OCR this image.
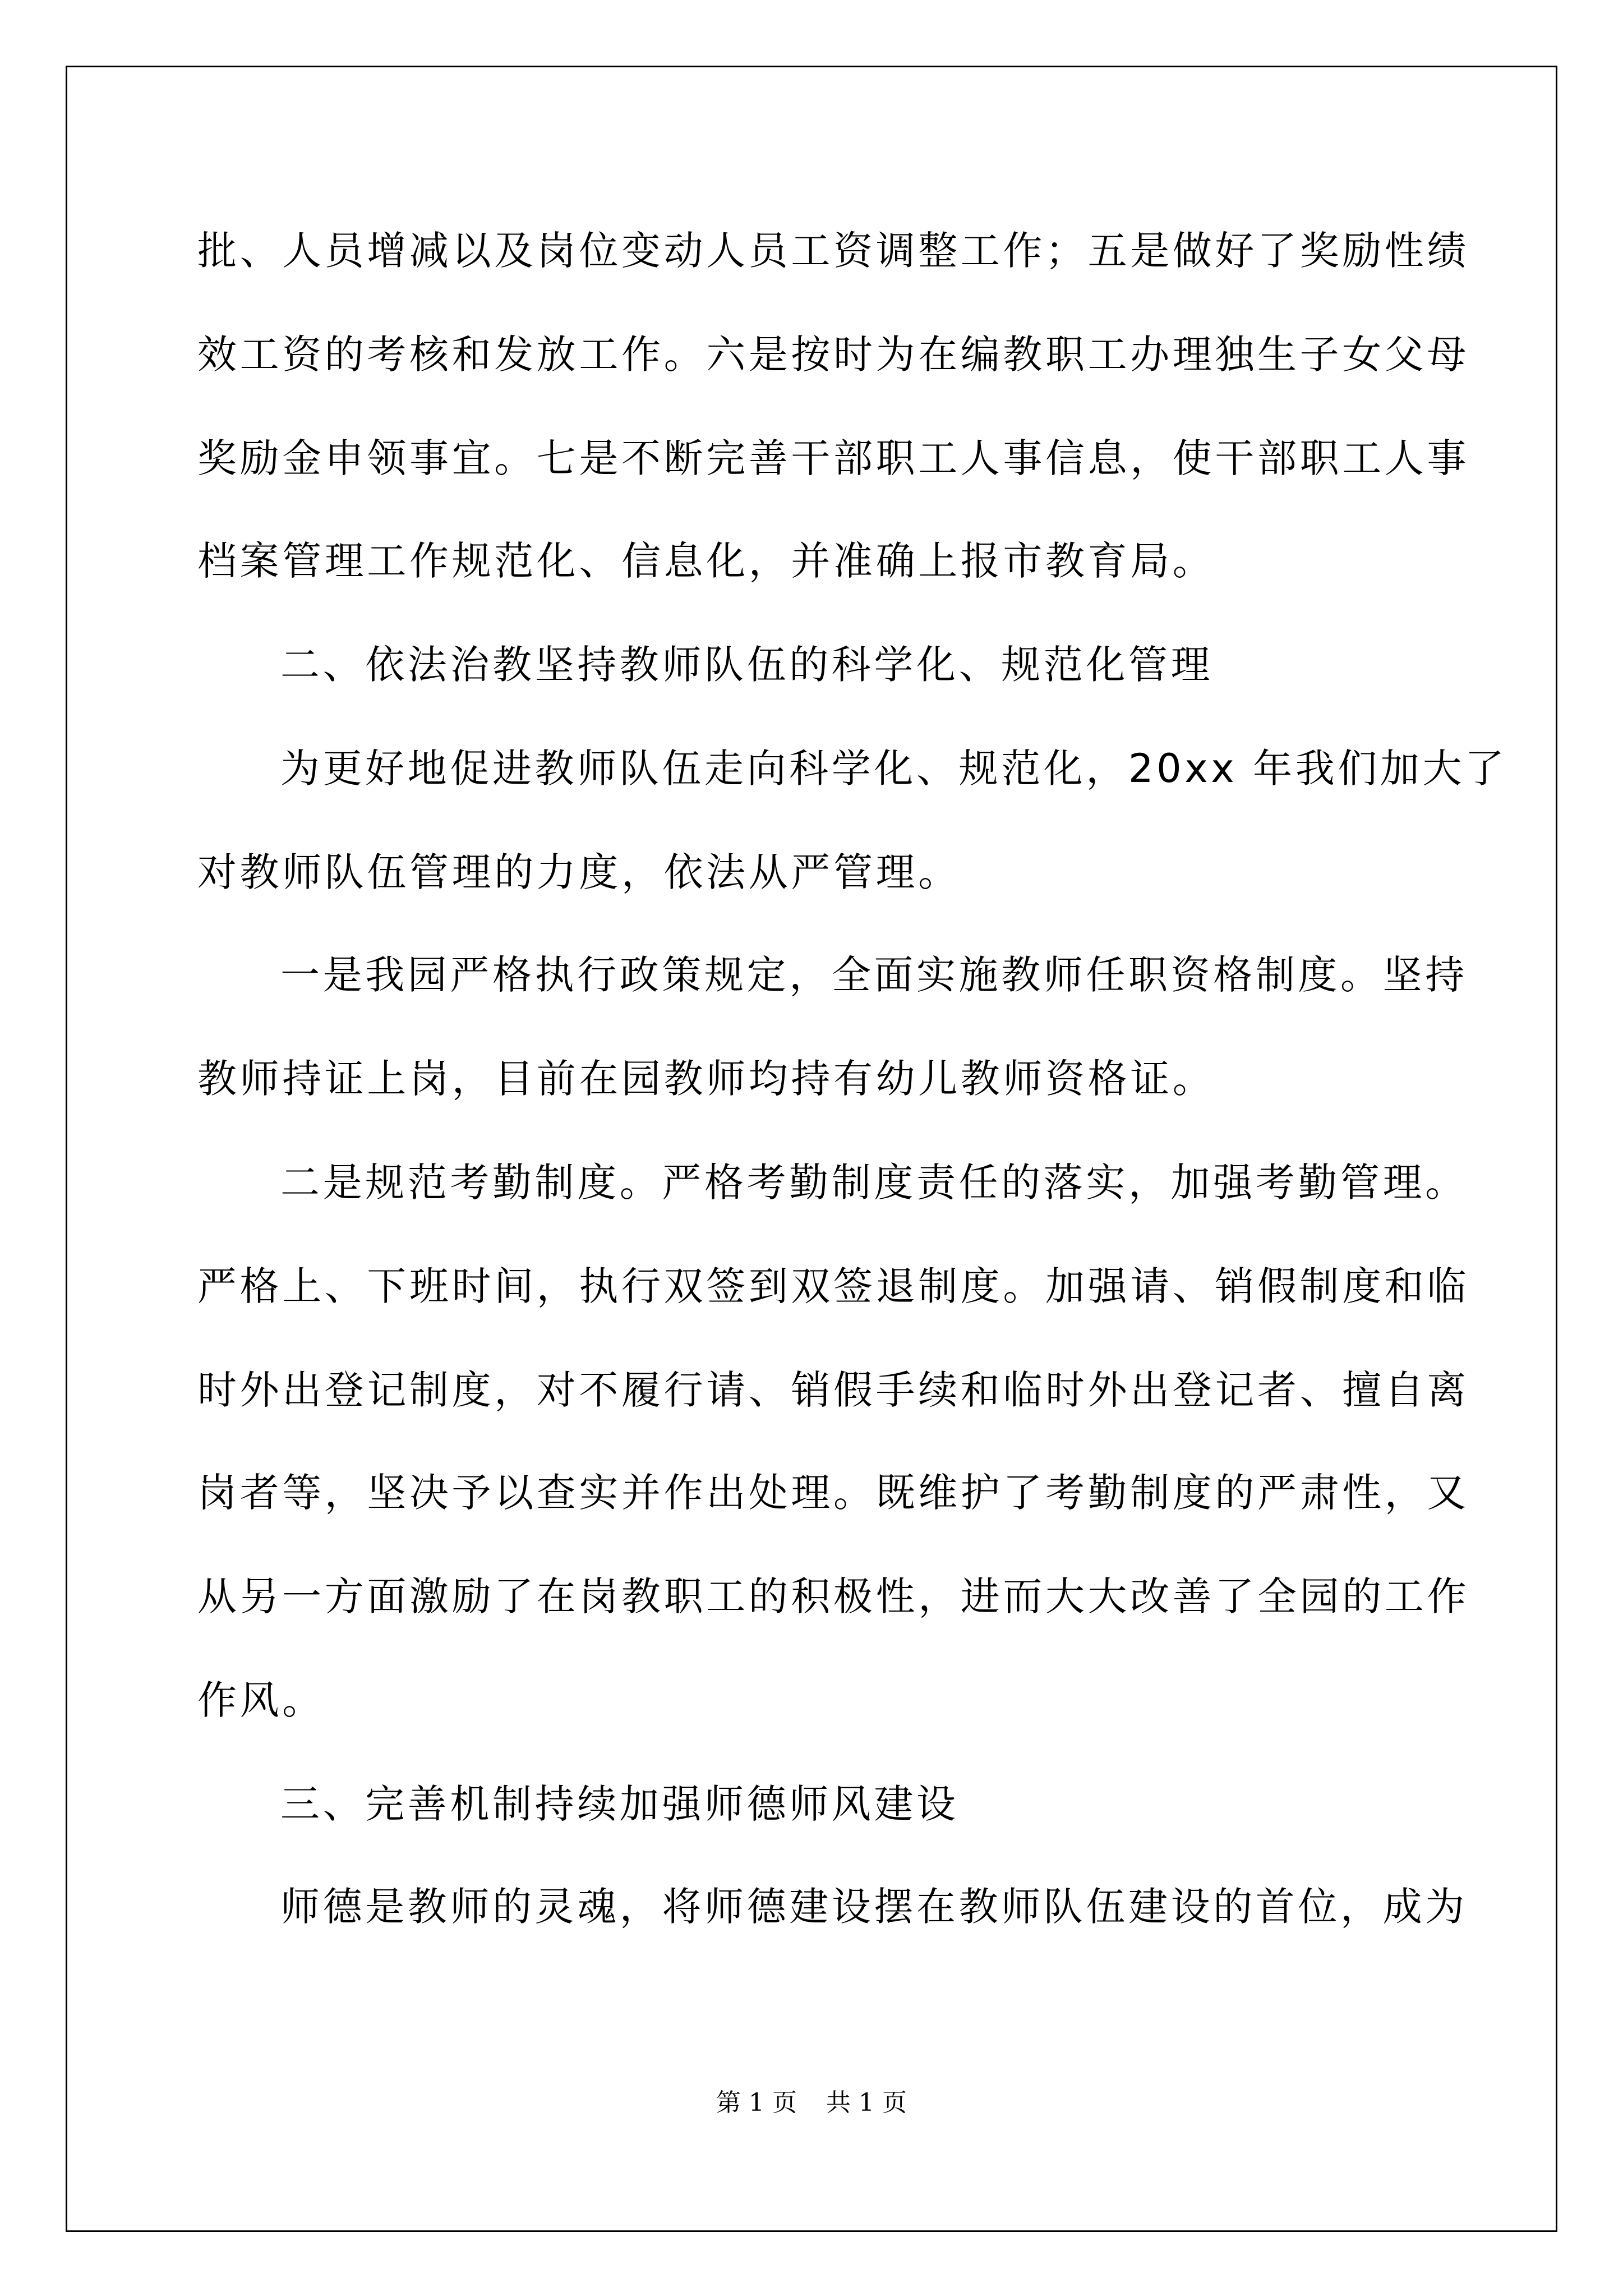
批、人员增减以及岗位变动人员工资调整工作；五是做好了奖励性绩

效工资的考核和发放工作。六是按时为在编教职工办理独生子女父母

奖励金申领事宜。七是不断完善干部职工人事信息，使干部职工人事

档案管理工作规范化、信息化，并准确上报市教育局。

二、依法治教坚持教师队伍的科学化、规范化管理

为更好地促进教师队伍走向科学化、规范化，20xx 年我们加大了

对教师队伍管理的力度，依法从严管理。

一是我园严格执行政策规定，全面实施教师任职资格制度。坚持

教师持证上岗，目前在园教师均持有幼儿教师资格证。

二是规范考勤制度。严格考勤制度责任的落实，加强考勤管理。

严格上、下班时间，执行双签到双签退制度。加强请、销假制度和临

时外出登记制度，对不履行请、销假手续和临时外出登记者、擅自离

岗者等，坚决予以查实并作出处理。既维护了考勤制度的严肃性，又

从另一方面激励了在岗教职工的积极性，进而大大改善了全园的工作

作风。

三、完善机制持续加强师德师风建设

师德是教师的灵魂，将师德建设摆在教师队伍建设的首位，成为

第 1 页 共 1 页
